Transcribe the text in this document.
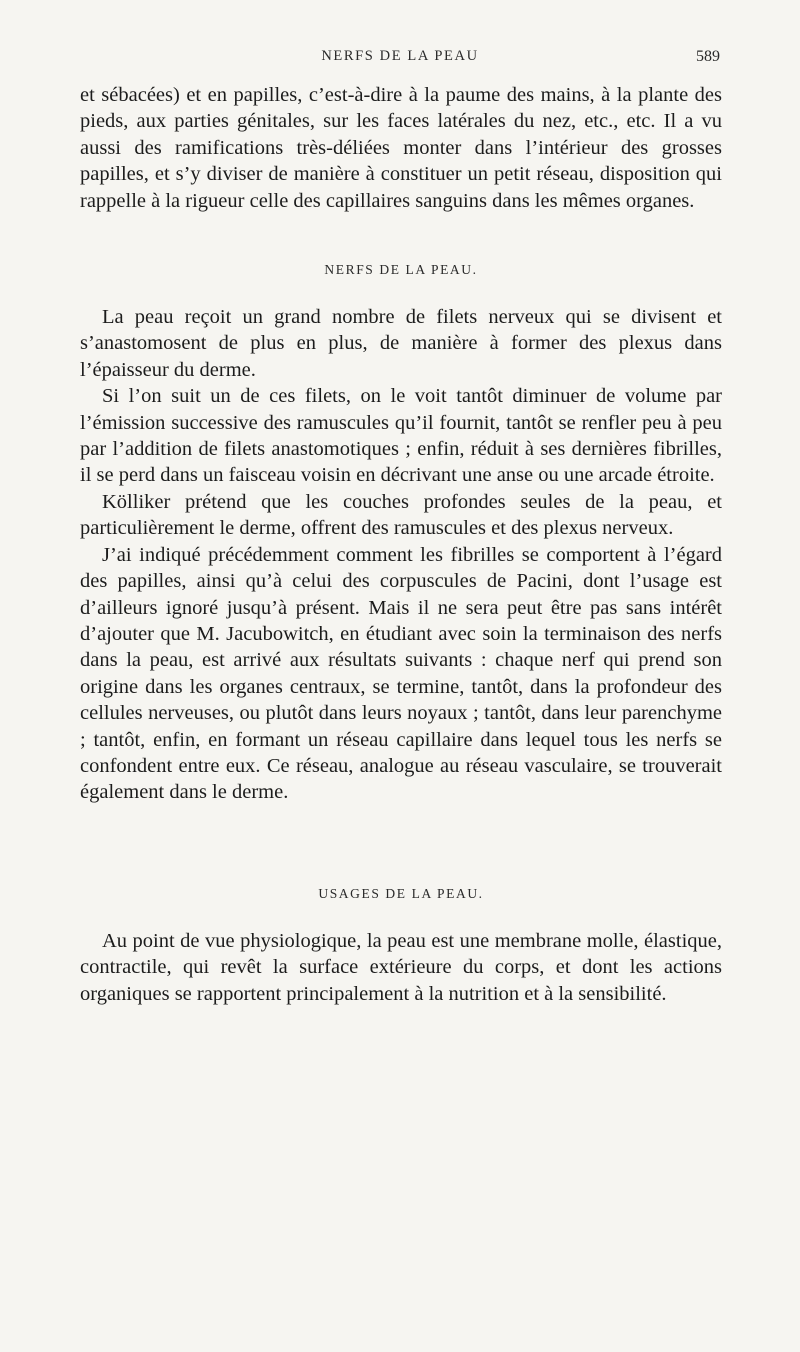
NERFS DE LA PEAU	589

et sébacées) et en papilles, c’est-à-dire à la paume des mains, à la plante des pieds, aux parties génitales, sur les faces latérales du nez, etc., etc. Il a vu aussi des ramifications très-déliées monter dans l’intérieur des grosses papilles, et s’y diviser de manière à constituer un petit réseau, disposition qui rappelle à la rigueur celle des capillaires sanguins dans les mêmes organes.

NERFS DE LA PEAU.

La peau reçoit un grand nombre de filets nerveux qui se divisent et s’anastomosent de plus en plus, de manière à former des plexus dans l’épaisseur du derme.

Si l’on suit un de ces filets, on le voit tantôt diminuer de volume par l’émission successive des ramuscules qu’il fournit, tantôt se renfler peu à peu par l’addition de filets anastomotiques ; enfin, réduit à ses dernières fibrilles, il se perd dans un faisceau voisin en décrivant une anse ou une arcade étroite.

Kölliker prétend que les couches profondes seules de la peau, et particulièrement le derme, offrent des ramuscules et des plexus nerveux.

J’ai indiqué précédemment comment les fibrilles se comportent à l’égard des papilles, ainsi qu’à celui des corpuscules de Pacini, dont l’usage est d’ailleurs ignoré jusqu’à présent. Mais il ne sera peut être pas sans intérêt d’ajouter que M. Jacubowitch, en étudiant avec soin la terminaison des nerfs dans la peau, est arrivé aux résultats suivants : chaque nerf qui prend son origine dans les organes centraux, se termine, tantôt, dans la profondeur des cellules nerveuses, ou plutôt dans leurs noyaux ; tantôt, dans leur parenchyme ; tantôt, enfin, en formant un réseau capillaire dans lequel tous les nerfs se confondent entre eux. Ce réseau, analogue au réseau vasculaire, se trouverait également dans le derme.

USAGES DE LA PEAU.

Au point de vue physiologique, la peau est une membrane molle, élastique, contractile, qui revêt la surface extérieure du corps, et dont les actions organiques se rapportent principalement à la nutrition et à la sensibilité.
